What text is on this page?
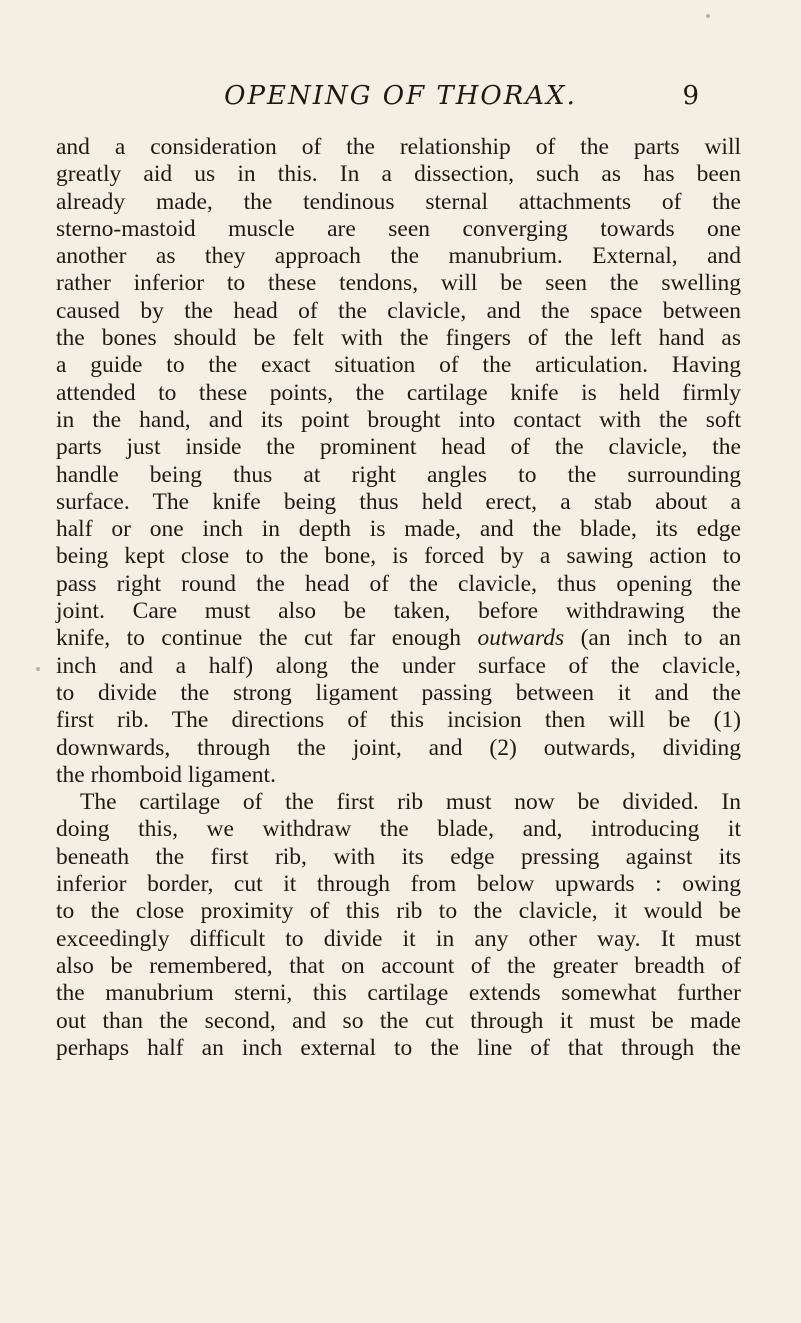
OPENING OF THORAX.	9
and a consideration of the relationship of the parts will
greatly aid us in this. In a dissection, such as has been
already made, the tendinous sternal attachments of the
sterno-mastoid muscle are seen converging towards one
another as they approach the manubrium. External, and
rather inferior to these tendons, will be seen the swelling
caused by the head of the clavicle, and the space between
the bones should be felt with the fingers of the left hand as
a guide to the exact situation of the articulation. Having
attended to these points, the cartilage knife is held firmly
in the hand, and its point brought into contact with the soft
parts just inside the prominent head of the clavicle, the
handle being thus at right angles to the surrounding
surface. The knife being thus held erect, a stab about a
half or one inch in depth is made, and the blade, its edge
being kept close to the bone, is forced by a sawing action to
pass right round the head of the clavicle, thus opening the
joint. Care must also be taken, before withdrawing the
knife, to continue the cut far enough outwards (an inch to an
inch and a half) along the under surface of the clavicle,
to divide the strong ligament passing between it and the
first rib. The directions of this incision then will be (1)
downwards, through the joint, and (2) outwards, dividing
the rhomboid ligament.
The cartilage of the first rib must now be divided. In
doing this, we withdraw the blade, and, introducing it
beneath the first rib, with its edge pressing against its
inferior border, cut it through from below upwards : owing
to the close proximity of this rib to the clavicle, it would be
exceedingly difficult to divide it in any other way. It must
also be remembered, that on account of the greater breadth of
the manubrium sterni, this cartilage extends somewhat further
out than the second, and so the cut through it must be made
perhaps half an inch external to the line of that through the
